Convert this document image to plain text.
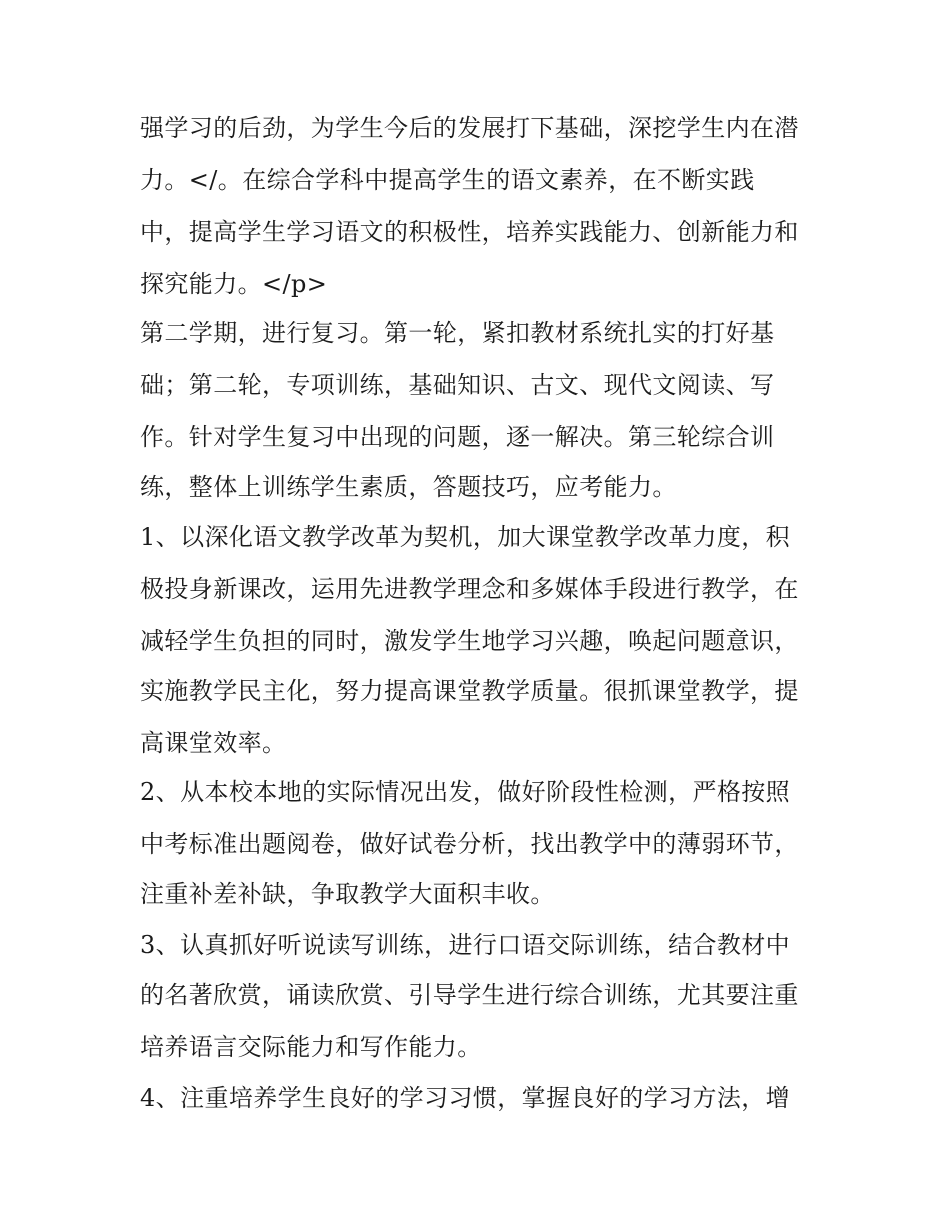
强学习的后劲，为学生今后的发展打下基础，深挖学生内在潜
力。</。在综合学科中提高学生的语文素养，在不断实践
中，提高学生学习语文的积极性，培养实践能力、创新能力和
探究能力。</p>
第二学期，进行复习。第一轮，紧扣教材系统扎实的打好基
础；第二轮，专项训练，基础知识、古文、现代文阅读、写
作。针对学生复习中出现的问题，逐一解决。第三轮综合训
练，整体上训练学生素质，答题技巧，应考能力。
1、以深化语文教学改革为契机，加大课堂教学改革力度，积
极投身新课改，运用先进教学理念和多媒体手段进行教学，在
减轻学生负担的同时，激发学生地学习兴趣，唤起问题意识，
实施教学民主化，努力提高课堂教学质量。很抓课堂教学，提
高课堂效率。
2、从本校本地的实际情况出发，做好阶段性检测，严格按照
中考标准出题阅卷，做好试卷分析，找出教学中的薄弱环节，
注重补差补缺，争取教学大面积丰收。
3、认真抓好听说读写训练，进行口语交际训练，结合教材中
的名著欣赏，诵读欣赏、引导学生进行综合训练，尤其要注重
培养语言交际能力和写作能力。
4、注重培养学生良好的学习习惯，掌握良好的学习方法，增
